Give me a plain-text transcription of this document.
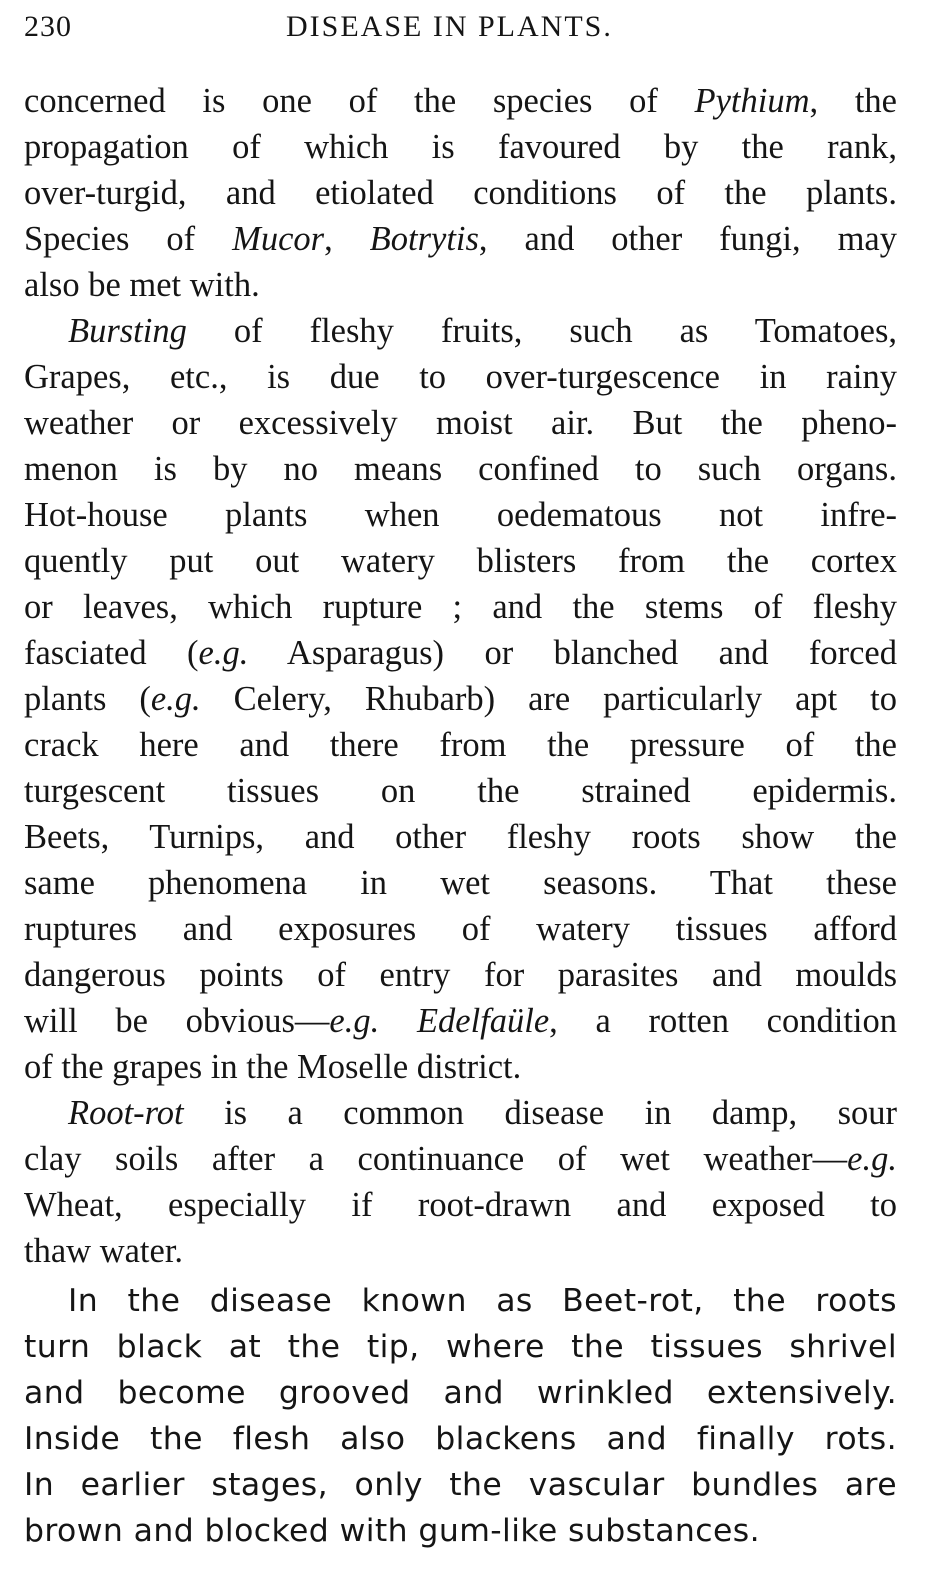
230	DISEASE IN PLANTS.
concerned is one of the species of Pythium, the
propagation of which is favoured by the rank,
over-turgid, and etiolated conditions of the plants.
Species of Mucor, Botrytis, and other fungi, may
also be met with.
Bursting of fleshy fruits, such as Tomatoes,
Grapes, etc., is due to over-turgescence in rainy
weather or excessively moist air. But the pheno-
menon is by no means confined to such organs.
Hot-house plants when oedematous not infre-
quently put out watery blisters from the cortex
or leaves, which rupture ; and the stems of fleshy
fasciated (e.g. Asparagus) or blanched and forced
plants (e.g. Celery, Rhubarb) are particularly apt to
crack here and there from the pressure of the
turgescent tissues on the strained epidermis.
Beets, Turnips, and other fleshy roots show the
same phenomena in wet seasons. That these
ruptures and exposures of watery tissues afford
dangerous points of entry for parasites and moulds
will be obvious—e.g. Edelfaüle, a rotten condition
of the grapes in the Moselle district.
Root-rot is a common disease in damp, sour
clay soils after a continuance of wet weather—e.g.
Wheat, especially if root-drawn and exposed to
thaw water.
In the disease known as Beet-rot, the roots
turn black at the tip, where the tissues shrivel
and become grooved and wrinkled extensively.
Inside the flesh also blackens and finally rots.
In earlier stages, only the vascular bundles are
brown and blocked with gum-like substances.
